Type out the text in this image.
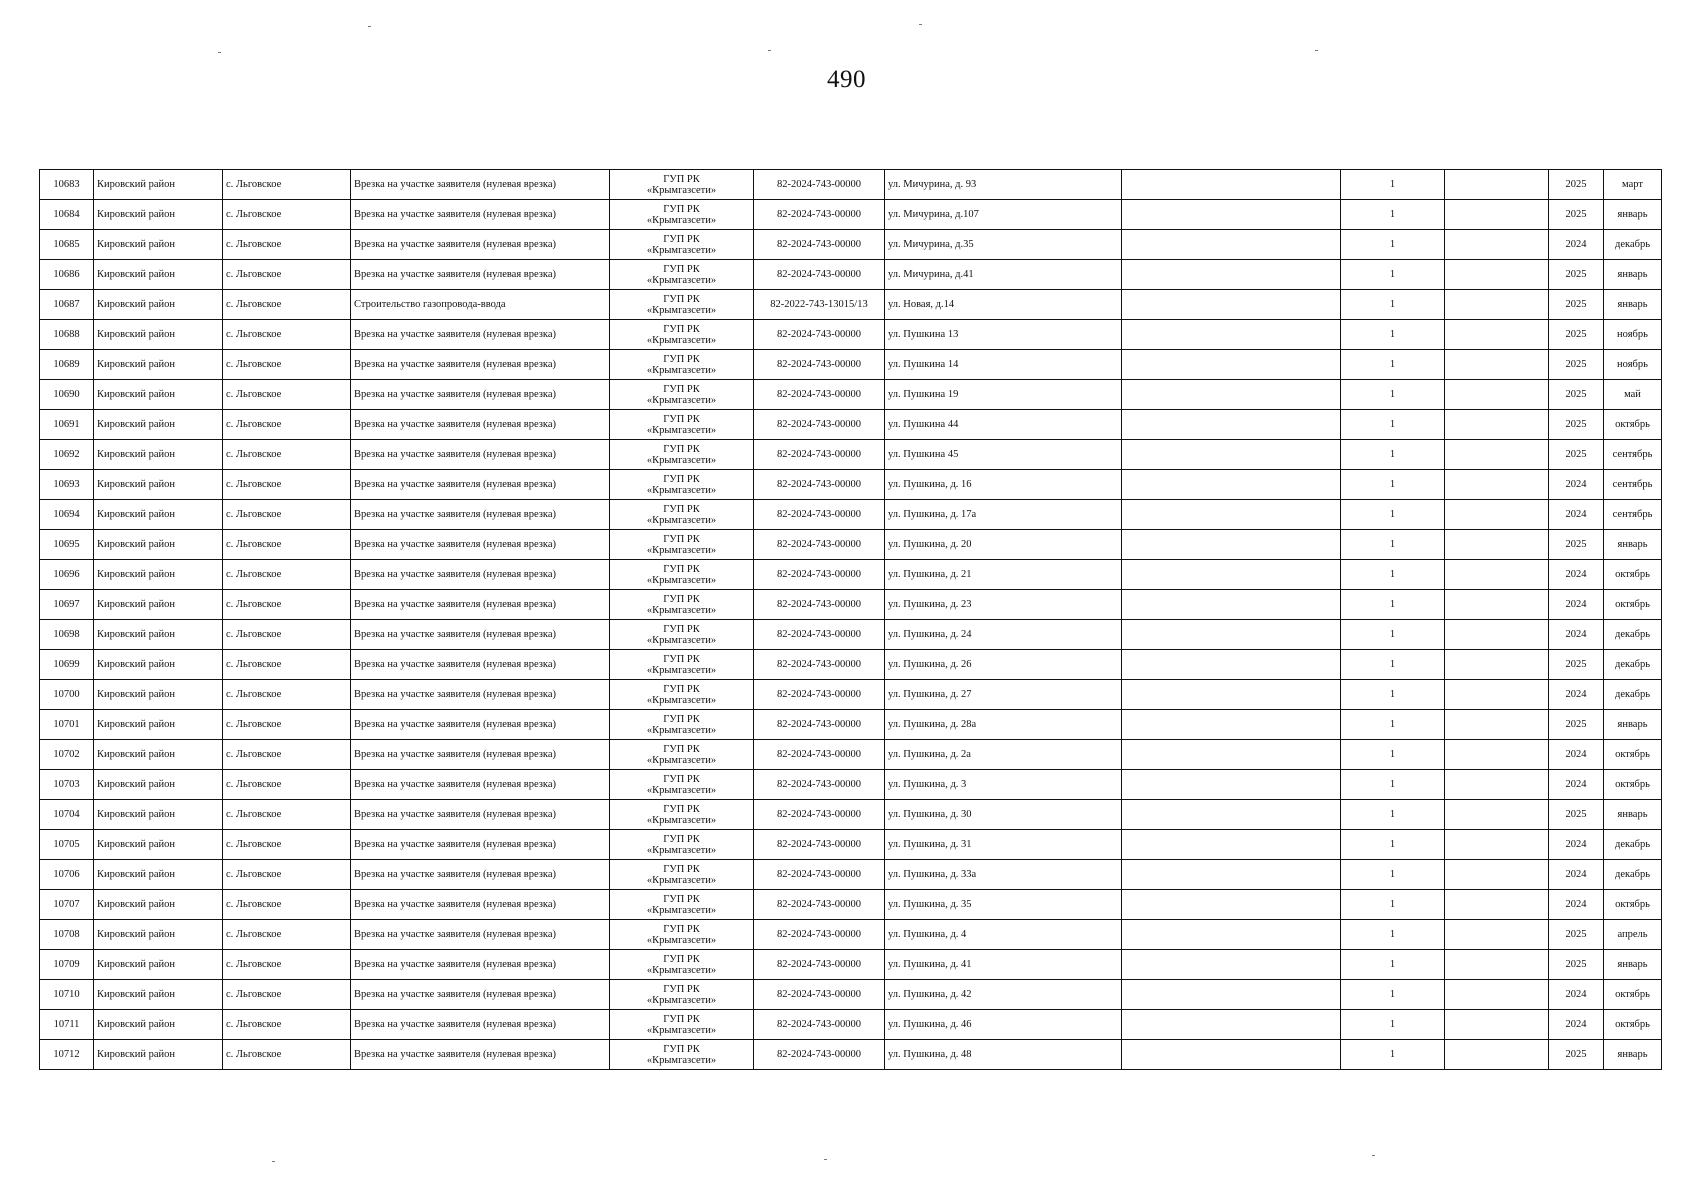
490
10683	Кировский район	с. Льговское	Врезка на участке заявителя (нулевая врезка)	ГУП РК
«Крымгазсети»	82-2024-743-00000	ул. Мичурина, д. 93		1		2025	март
10684	Кировский район	с. Льговское	Врезка на участке заявителя (нулевая врезка)	ГУП РК
«Крымгазсети»	82-2024-743-00000	ул. Мичурина, д.107		1		2025	январь
10685	Кировский район	с. Льговское	Врезка на участке заявителя (нулевая врезка)	ГУП РК
«Крымгазсети»	82-2024-743-00000	ул. Мичурина, д.35		1		2024	декабрь
10686	Кировский район	с. Льговское	Врезка на участке заявителя (нулевая врезка)	ГУП РК
«Крымгазсети»	82-2024-743-00000	ул. Мичурина, д.41		1		2025	январь
10687	Кировский район	с. Льговское	Строительство газопровода-ввода	ГУП РК
«Крымгазсети»	82-2022-743-13015/13	ул. Новая, д.14		1		2025	январь
10688	Кировский район	с. Льговское	Врезка на участке заявителя (нулевая врезка)	ГУП РК
«Крымгазсети»	82-2024-743-00000	ул. Пушкина 13		1		2025	ноябрь
10689	Кировский район	с. Льговское	Врезка на участке заявителя (нулевая врезка)	ГУП РК
«Крымгазсети»	82-2024-743-00000	ул. Пушкина 14		1		2025	ноябрь
10690	Кировский район	с. Льговское	Врезка на участке заявителя (нулевая врезка)	ГУП РК
«Крымгазсети»	82-2024-743-00000	ул. Пушкина 19		1		2025	май
10691	Кировский район	с. Льговское	Врезка на участке заявителя (нулевая врезка)	ГУП РК
«Крымгазсети»	82-2024-743-00000	ул. Пушкина 44		1		2025	октябрь
10692	Кировский район	с. Льговское	Врезка на участке заявителя (нулевая врезка)	ГУП РК
«Крымгазсети»	82-2024-743-00000	ул. Пушкина 45		1		2025	сентябрь
10693	Кировский район	с. Льговское	Врезка на участке заявителя (нулевая врезка)	ГУП РК
«Крымгазсети»	82-2024-743-00000	ул. Пушкина, д. 16		1		2024	сентябрь
10694	Кировский район	с. Льговское	Врезка на участке заявителя (нулевая врезка)	ГУП РК
«Крымгазсети»	82-2024-743-00000	ул. Пушкина, д. 17а		1		2024	сентябрь
10695	Кировский район	с. Льговское	Врезка на участке заявителя (нулевая врезка)	ГУП РК
«Крымгазсети»	82-2024-743-00000	ул. Пушкина, д. 20		1		2025	январь
10696	Кировский район	с. Льговское	Врезка на участке заявителя (нулевая врезка)	ГУП РК
«Крымгазсети»	82-2024-743-00000	ул. Пушкина, д. 21		1		2024	октябрь
10697	Кировский район	с. Льговское	Врезка на участке заявителя (нулевая врезка)	ГУП РК
«Крымгазсети»	82-2024-743-00000	ул. Пушкина, д. 23		1		2024	октябрь
10698	Кировский район	с. Льговское	Врезка на участке заявителя (нулевая врезка)	ГУП РК
«Крымгазсети»	82-2024-743-00000	ул. Пушкина, д. 24		1		2024	декабрь
10699	Кировский район	с. Льговское	Врезка на участке заявителя (нулевая врезка)	ГУП РК
«Крымгазсети»	82-2024-743-00000	ул. Пушкина, д. 26		1		2025	декабрь
10700	Кировский район	с. Льговское	Врезка на участке заявителя (нулевая врезка)	ГУП РК
«Крымгазсети»	82-2024-743-00000	ул. Пушкина, д. 27		1		2024	декабрь
10701	Кировский район	с. Льговское	Врезка на участке заявителя (нулевая врезка)	ГУП РК
«Крымгазсети»	82-2024-743-00000	ул. Пушкина, д. 28а		1		2025	январь
10702	Кировский район	с. Льговское	Врезка на участке заявителя (нулевая врезка)	ГУП РК
«Крымгазсети»	82-2024-743-00000	ул. Пушкина, д. 2а		1		2024	октябрь
10703	Кировский район	с. Льговское	Врезка на участке заявителя (нулевая врезка)	ГУП РК
«Крымгазсети»	82-2024-743-00000	ул. Пушкина, д. 3		1		2024	октябрь
10704	Кировский район	с. Льговское	Врезка на участке заявителя (нулевая врезка)	ГУП РК
«Крымгазсети»	82-2024-743-00000	ул. Пушкина, д. 30		1		2025	январь
10705	Кировский район	с. Льговское	Врезка на участке заявителя (нулевая врезка)	ГУП РК
«Крымгазсети»	82-2024-743-00000	ул. Пушкина, д. 31		1		2024	декабрь
10706	Кировский район	с. Льговское	Врезка на участке заявителя (нулевая врезка)	ГУП РК
«Крымгазсети»	82-2024-743-00000	ул. Пушкина, д. 33а		1		2024	декабрь
10707	Кировский район	с. Льговское	Врезка на участке заявителя (нулевая врезка)	ГУП РК
«Крымгазсети»	82-2024-743-00000	ул. Пушкина, д. 35		1		2024	октябрь
10708	Кировский район	с. Льговское	Врезка на участке заявителя (нулевая врезка)	ГУП РК
«Крымгазсети»	82-2024-743-00000	ул. Пушкина, д. 4		1		2025	апрель
10709	Кировский район	с. Льговское	Врезка на участке заявителя (нулевая врезка)	ГУП РК
«Крымгазсети»	82-2024-743-00000	ул. Пушкина, д. 41		1		2025	январь
10710	Кировский район	с. Льговское	Врезка на участке заявителя (нулевая врезка)	ГУП РК
«Крымгазсети»	82-2024-743-00000	ул. Пушкина, д. 42		1		2024	октябрь
10711	Кировский район	с. Льговское	Врезка на участке заявителя (нулевая врезка)	ГУП РК
«Крымгазсети»	82-2024-743-00000	ул. Пушкина, д. 46		1		2024	октябрь
10712	Кировский район	с. Льговское	Врезка на участке заявителя (нулевая врезка)	ГУП РК
«Крымгазсети»	82-2024-743-00000	ул. Пушкина, д. 48		1		2025	январь
